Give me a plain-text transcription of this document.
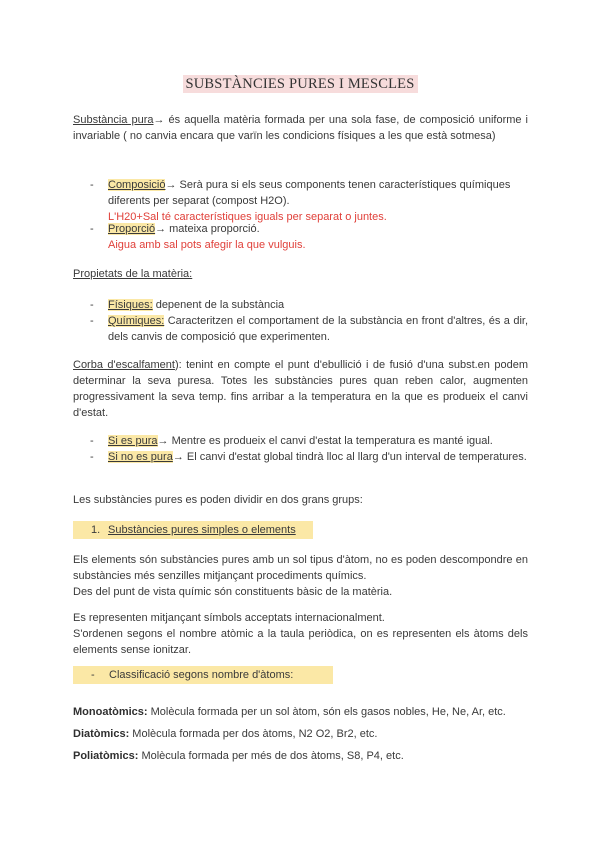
SUBSTÀNCIES PURES I MESCLES
Substància pura→ és aquella matèria formada per una sola fase, de composició uniforme i invariable ( no canvia encara que varïn les condicions físiques a les que està sotmesa)
- Composició→ Serà pura si els seus components tenen característiques químiques diferents per separat (compost H2O).
L'H20+Sal té característiques iguals per separat o juntes.
- Proporció→ mateixa proporció.
Aigua amb sal pots afegir la que vulguis.
Propietats de la matèria:
- Físiques: depenent de la substància
- Químiques: Caracteritzen el comportament de la substància en front d'altres, és a dir, dels canvis de composició que experimenten.
Corba d'escalfament): tenint en compte el punt d'ebullició i de fusió d'una subst.en podem determinar la seva puresa. Totes les substàncies pures quan reben calor, augmenten progressivament la seva temp. fins arribar a la temperatura en la que es produeix el canvi d'estat.
- Si es pura→ Mentre es produeix el canvi d'estat la temperatura es manté igual.
- Si no es pura→ El canvi d'estat global tindrà lloc al llarg d'un interval de temperatures.
Les substàncies pures es poden dividir en dos grans grups:
1. Substàncies pures simples o elements
Els elements són substàncies pures amb un sol tipus d'àtom, no es poden descompondre en substàncies més senzilles mitjançant procediments químics.
Des del punt de vista químic són constituents bàsic de la matèria.
Es representen mitjançant símbols acceptats internacionalment.
S'ordenen segons el nombre atòmic a la taula periòdica, on es representen els àtoms dels elements sense ionitzar.
- Classificació segons nombre d'àtoms:
Monoatòmics: Molècula formada per un sol àtom, són els gasos nobles, He, Ne, Ar, etc.
Diatòmics: Molècula formada per dos àtoms, N2 O2, Br2, etc.
Poliatòmics: Molècula formada per més de dos àtoms, S8, P4, etc.
